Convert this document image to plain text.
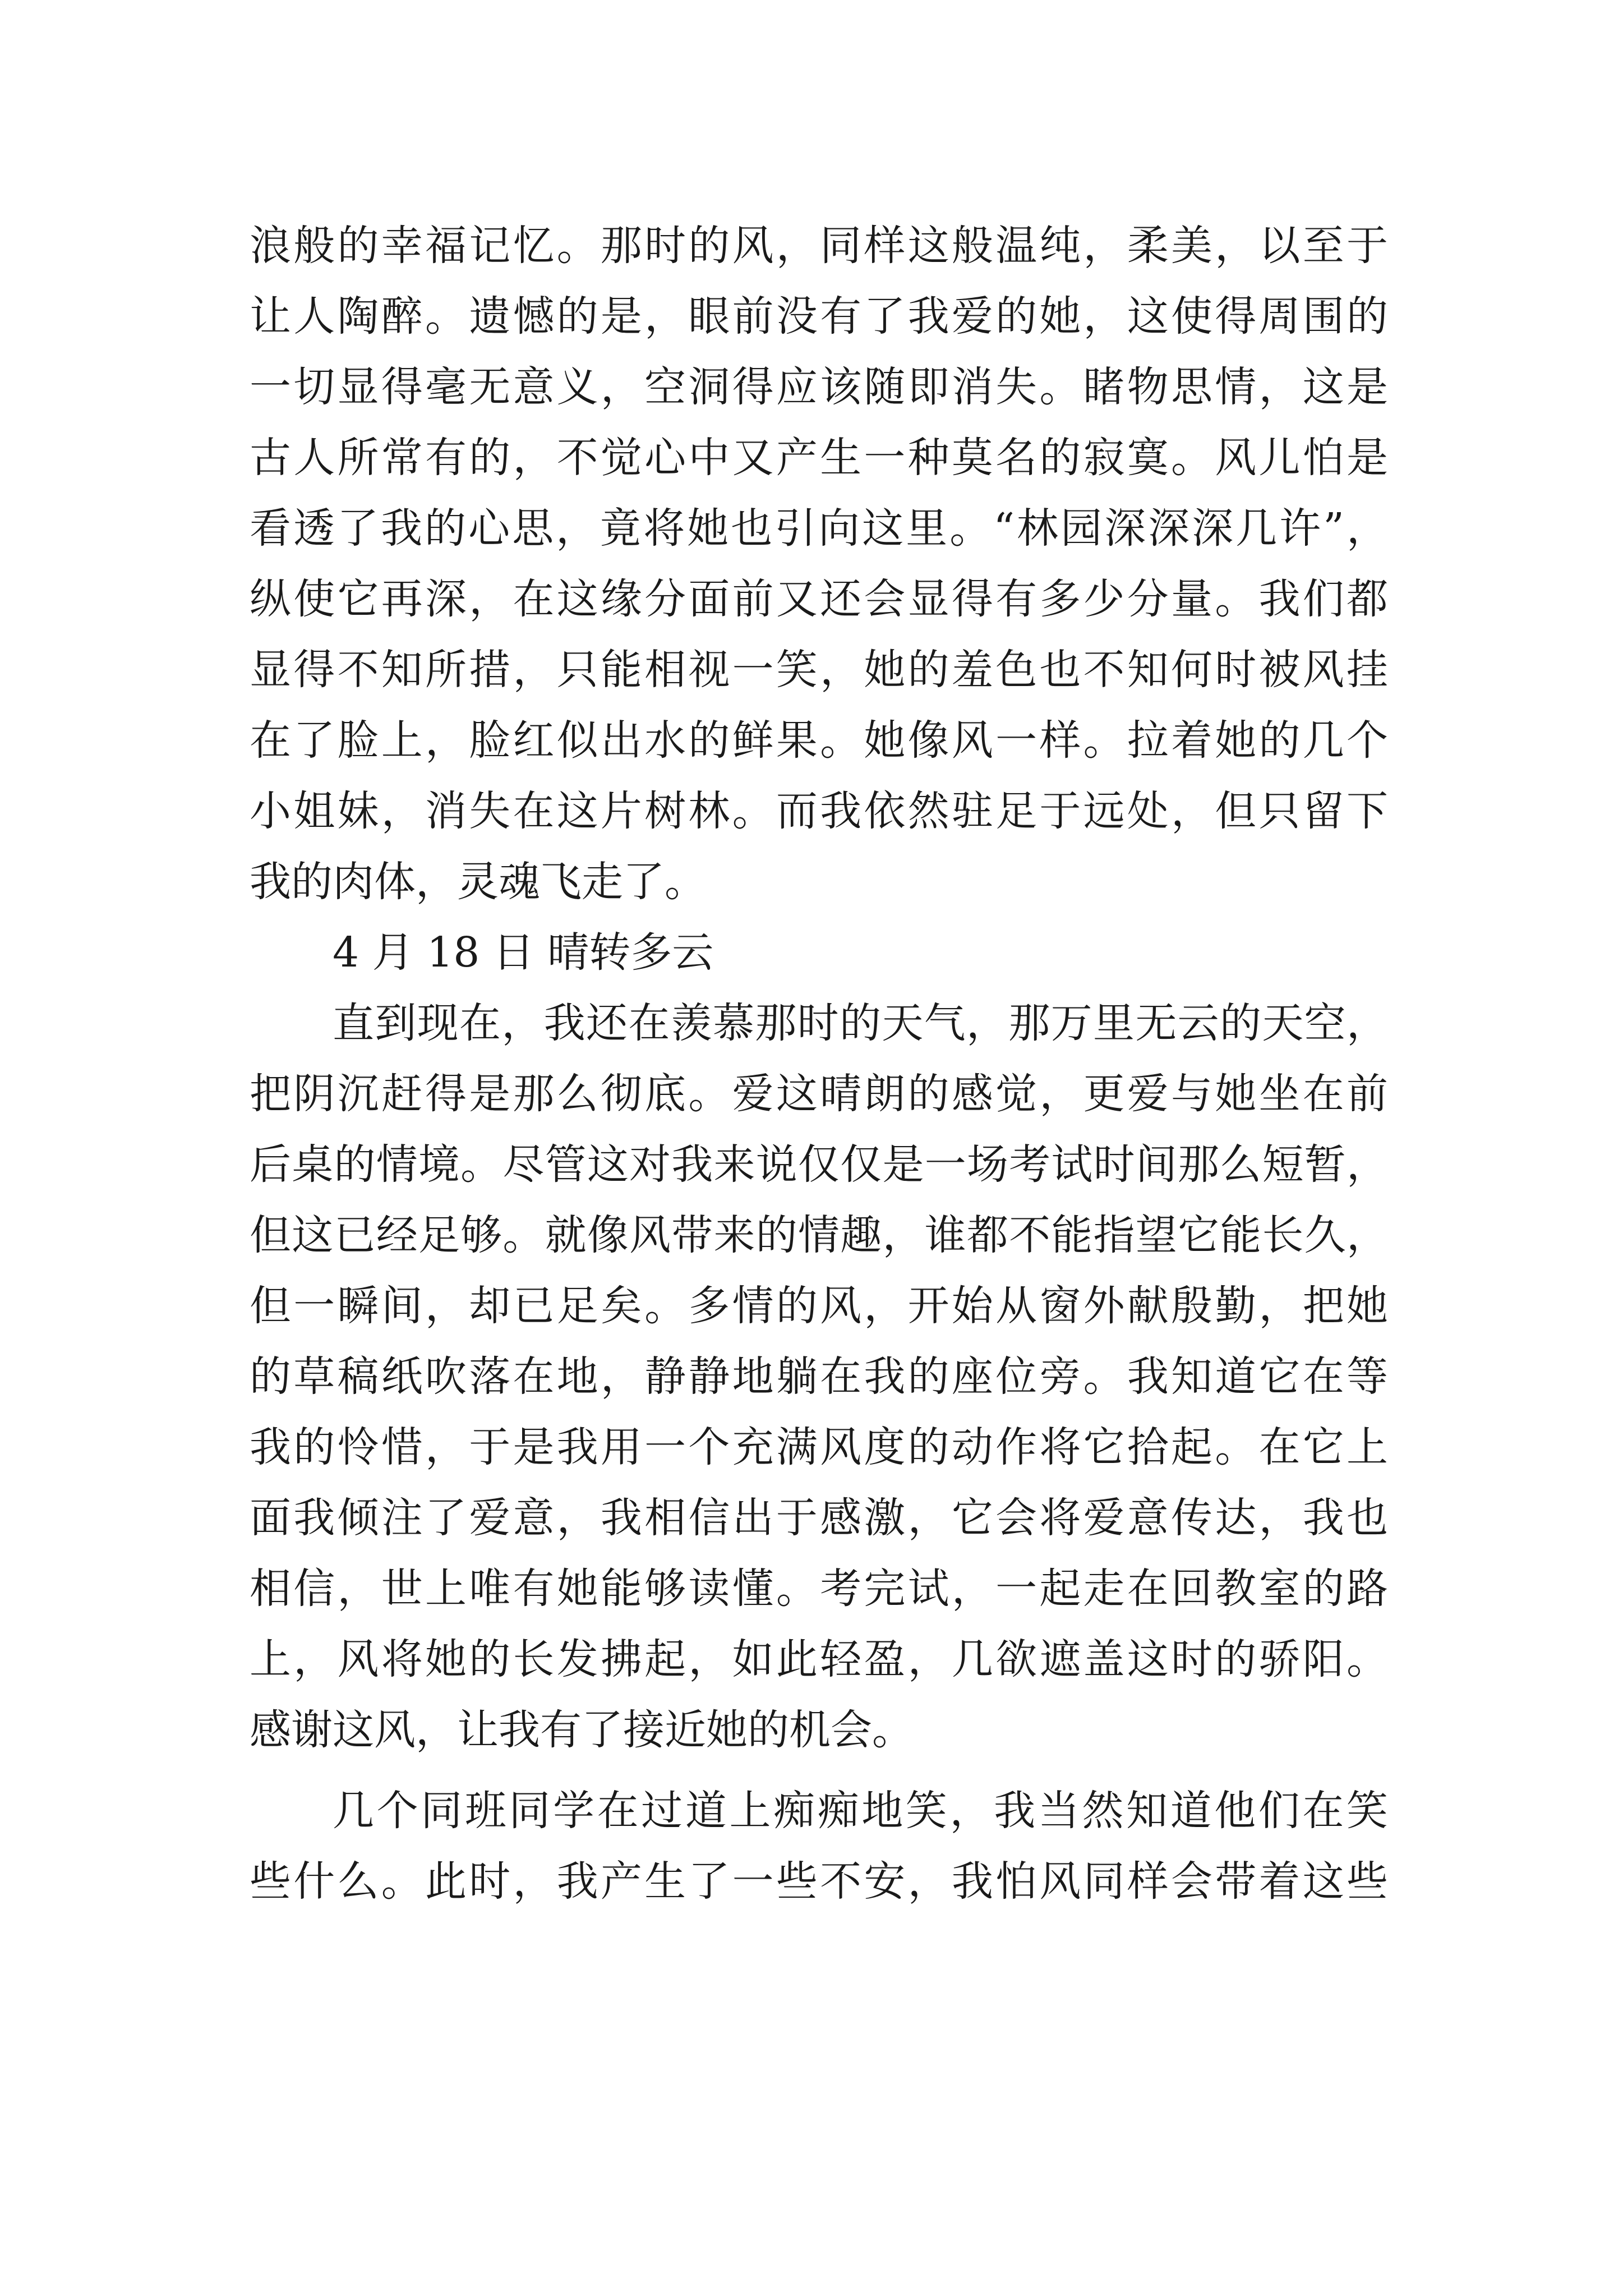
浪般的幸福记忆。那时的风，同样这般温纯，柔美，以至于
让人陶醉。遗憾的是，眼前没有了我爱的她，这使得周围的
一切显得毫无意义，空洞得应该随即消失。睹物思情，这是
古人所常有的，不觉心中又产生一种莫名的寂寞。风儿怕是
看透了我的心思，竟将她也引向这里。“林园深深深几许”，
纵使它再深，在这缘分面前又还会显得有多少分量。我们都
显得不知所措，只能相视一笑，她的羞色也不知何时被风挂
在了脸上，脸红似出水的鲜果。她像风一样。拉着她的几个
小姐妹，消失在这片树林。而我依然驻足于远处，但只留下
我的肉体，灵魂飞走了。
4 月 18 日 晴转多云
直到现在，我还在羡慕那时的天气，那万里无云的天空，
把阴沉赶得是那么彻底。爱这晴朗的感觉，更爱与她坐在前
后桌的情境。尽管这对我来说仅仅是一场考试时间那么短暂，
但这已经足够。就像风带来的情趣，谁都不能指望它能长久，
但一瞬间，却已足矣。多情的风，开始从窗外献殷勤，把她
的草稿纸吹落在地，静静地躺在我的座位旁。我知道它在等
我的怜惜，于是我用一个充满风度的动作将它拾起。在它上
面我倾注了爱意，我相信出于感激，它会将爱意传达，我也
相信，世上唯有她能够读懂。考完试，一起走在回教室的路
上，风将她的长发拂起，如此轻盈，几欲遮盖这时的骄阳。
感谢这风，让我有了接近她的机会。
几个同班同学在过道上痴痴地笑，我当然知道他们在笑
些什么。此时，我产生了一些不安，我怕风同样会带着这些
